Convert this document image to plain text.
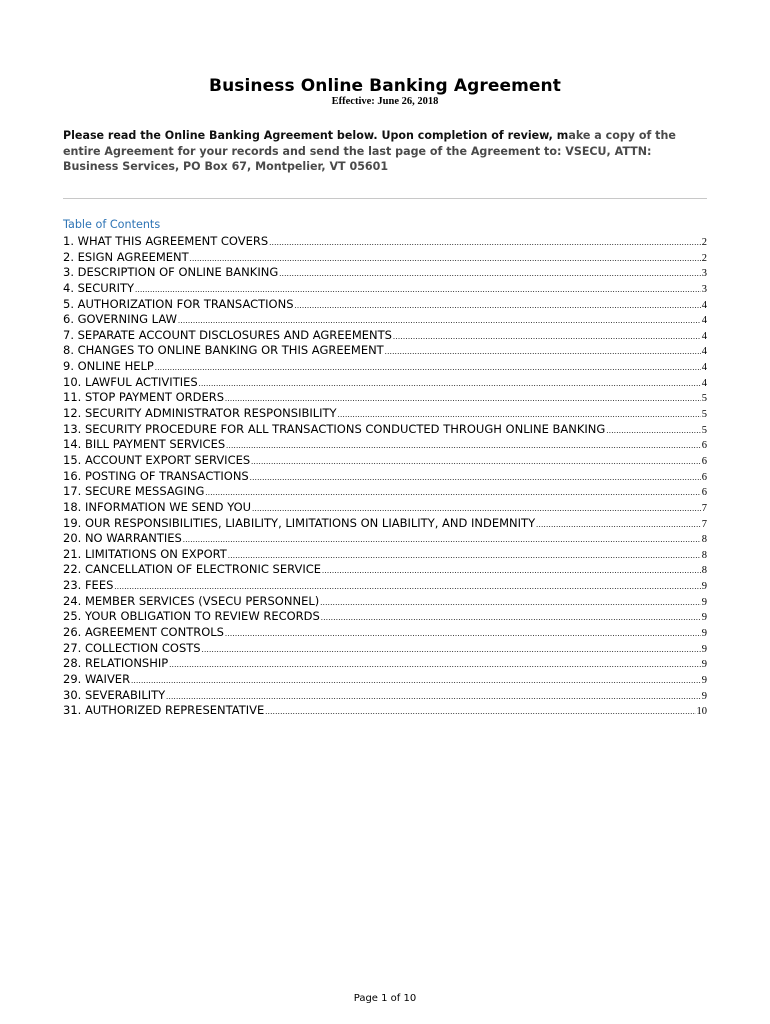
Business Online Banking Agreement
Effective: June 26, 2018
Please read the Online Banking Agreement below. Upon completion of review, make a copy of the entire Agreement for your records and send the last page of the Agreement to: VSECU, ATTN: Business Services, PO Box 67, Montpelier, VT 05601
Table of Contents
1. WHAT THIS AGREEMENT COVERS .....	2
2. ESIGN AGREEMENT .....	2
3. DESCRIPTION OF ONLINE BANKING .....	3
4. SECURITY .....	3
5. AUTHORIZATION FOR TRANSACTIONS .....	4
6. GOVERNING LAW .....	4
7. SEPARATE ACCOUNT DISCLOSURES AND AGREEMENTS .....	4
8. CHANGES TO ONLINE BANKING OR THIS AGREEMENT .....	4
9. ONLINE HELP .....	4
10. LAWFUL ACTIVITIES .....	4
11. STOP PAYMENT ORDERS .....	5
12. SECURITY ADMINISTRATOR RESPONSIBILITY .....	5
13. SECURITY PROCEDURE FOR ALL TRANSACTIONS CONDUCTED THROUGH ONLINE BANKING .....	5
14. BILL PAYMENT SERVICES .....	6
15. ACCOUNT EXPORT SERVICES .....	6
16. POSTING OF TRANSACTIONS .....	6
17. SECURE MESSAGING .....	6
18. INFORMATION WE SEND YOU .....	7
19. OUR RESPONSIBILITIES, LIABILITY, LIMITATIONS ON LIABILITY, AND INDEMNITY .....	7
20. NO WARRANTIES .....	8
21. LIMITATIONS ON EXPORT .....	8
22. CANCELLATION OF ELECTRONIC SERVICE .....	8
23. FEES .....	9
24. MEMBER SERVICES (VSECU PERSONNEL) .....	9
25. YOUR OBLIGATION TO REVIEW RECORDS .....	9
26. AGREEMENT CONTROLS .....	9
27. COLLECTION COSTS .....	9
28. RELATIONSHIP .....	9
29. WAIVER .....	9
30. SEVERABILITY .....	9
31. AUTHORIZED REPRESENTATIVE .....	10
Page 1 of 10
